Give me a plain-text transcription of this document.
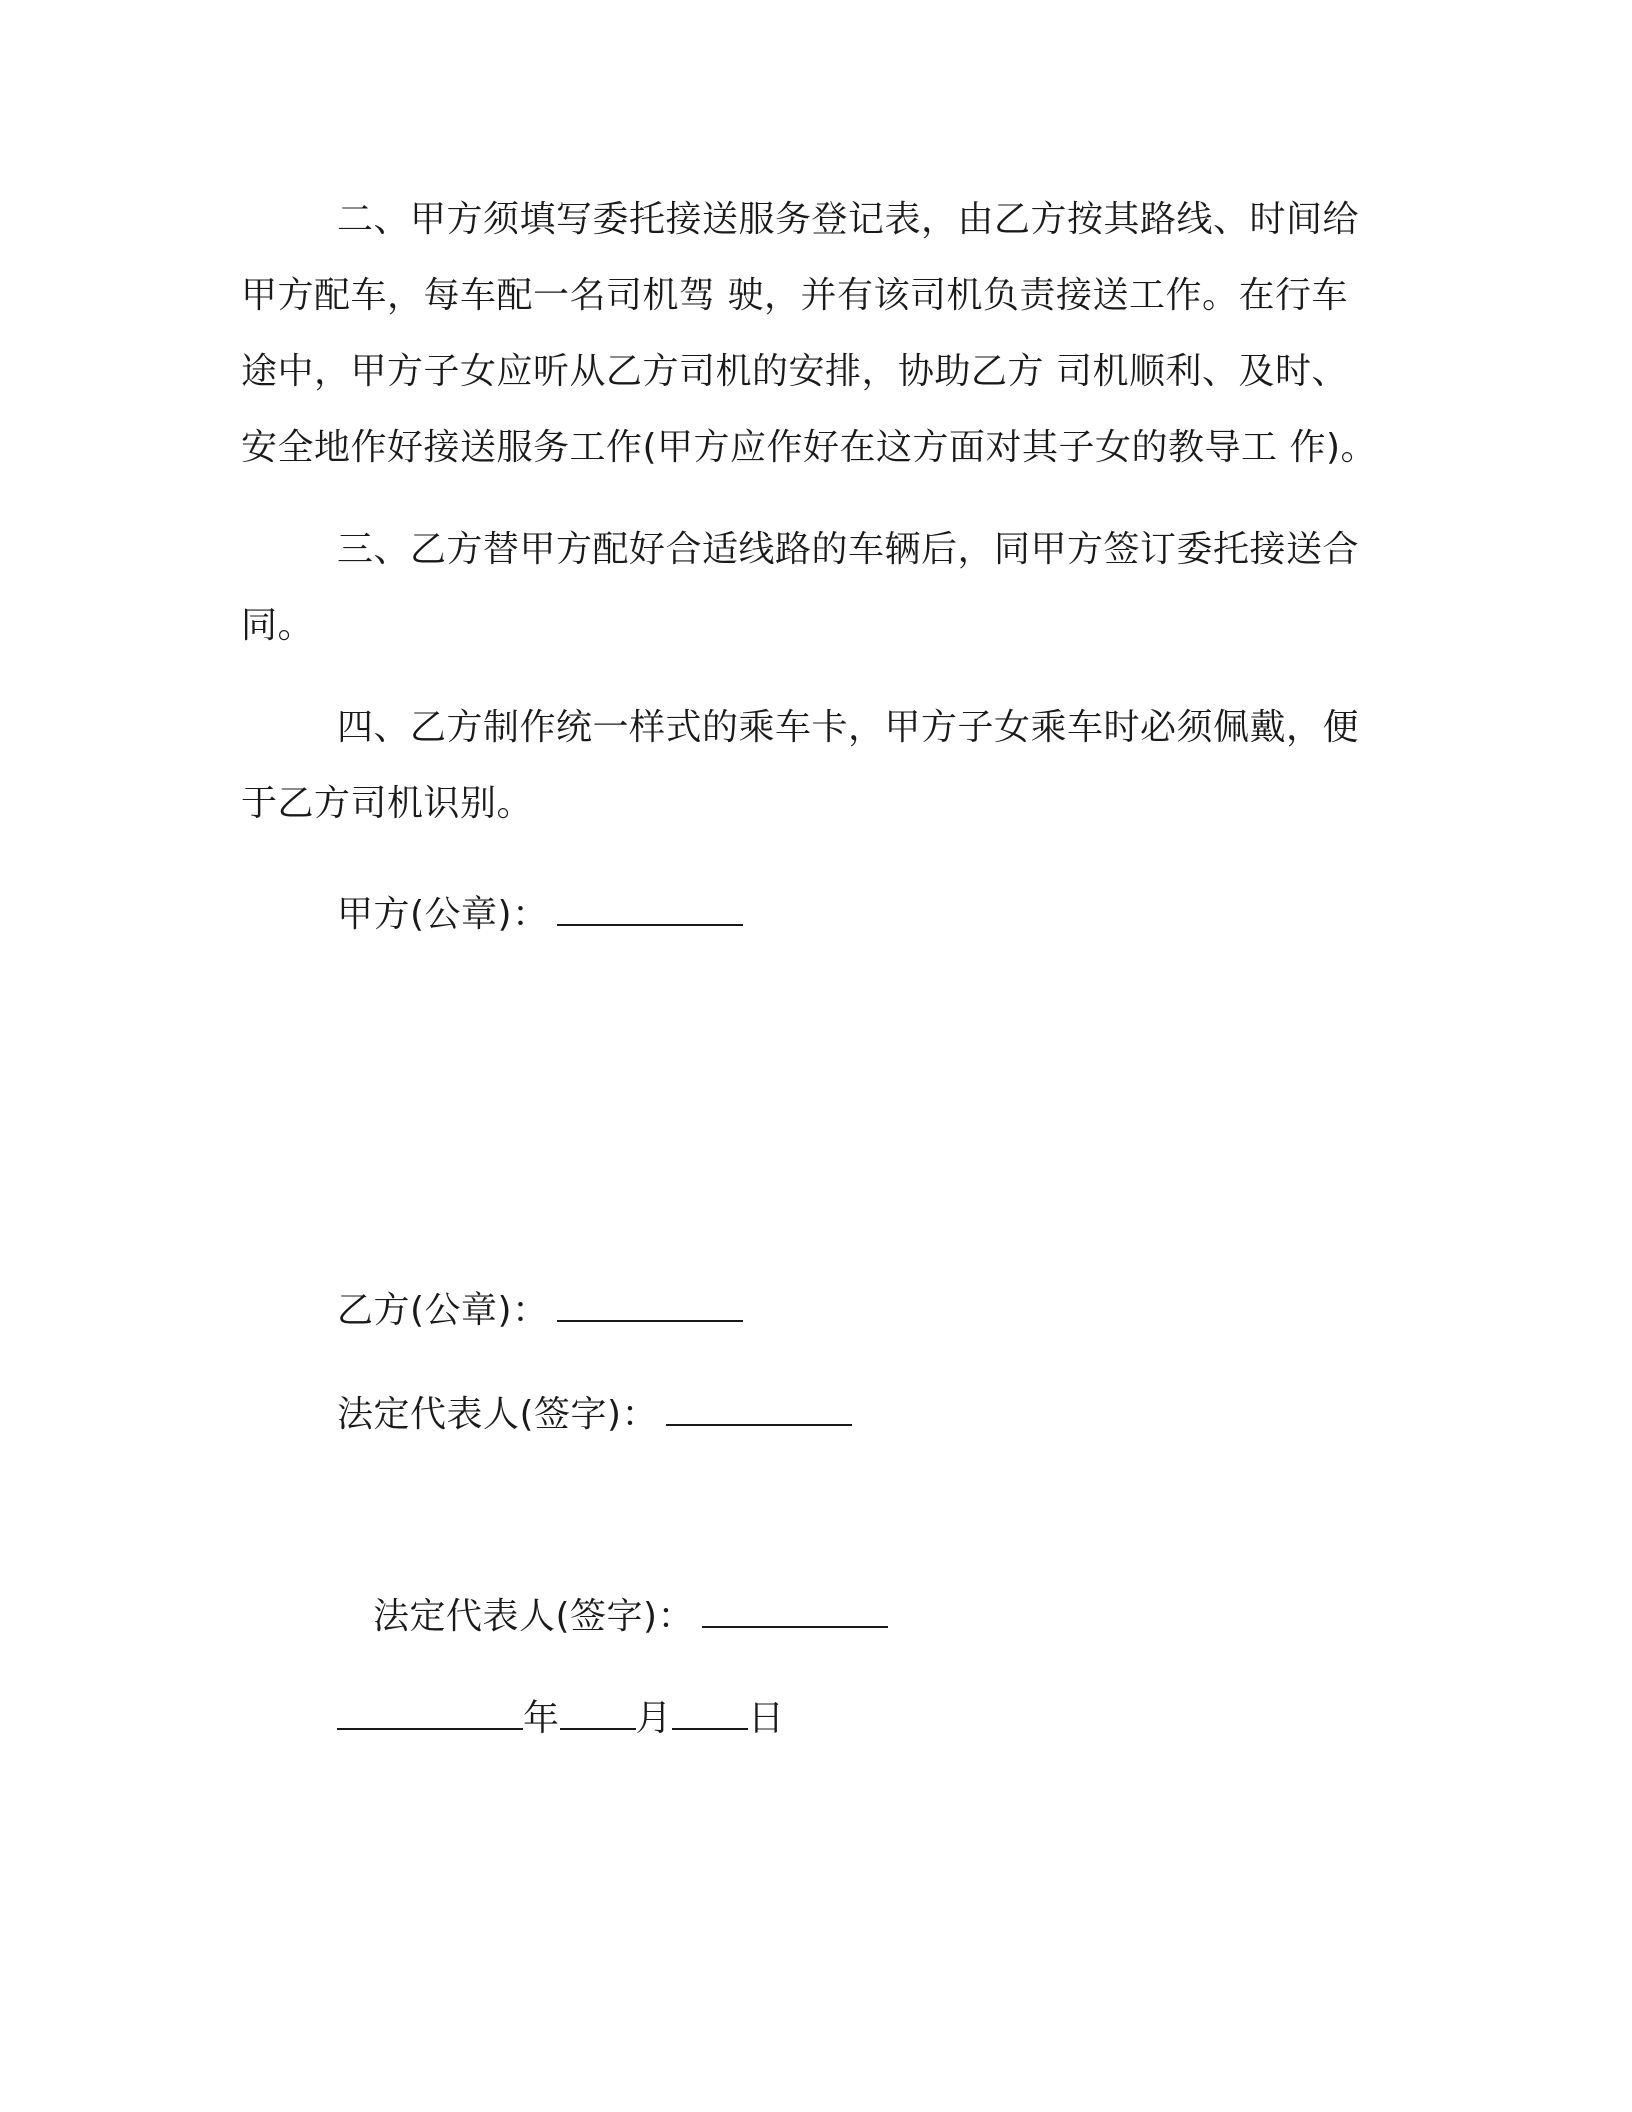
二、甲方须填写委托接送服务登记表，由乙方按其路线、时间给
甲方配车，每车配一名司机驾 驶，并有该司机负责接送工作。在行车
途中，甲方子女应听从乙方司机的安排，协助乙方 司机顺利、及时、
安全地作好接送服务工作(甲方应作好在这方面对其子女的教导工 作)。
三、乙方替甲方配好合适线路的车辆后，同甲方签订委托接送合
同。
四、乙方制作统一样式的乘车卡，甲方子女乘车时必须佩戴，便
于乙方司机识别。
甲方(公章)：
乙方(公章)：
法定代表人(签字)：
法定代表人(签字)：
年 月 日
